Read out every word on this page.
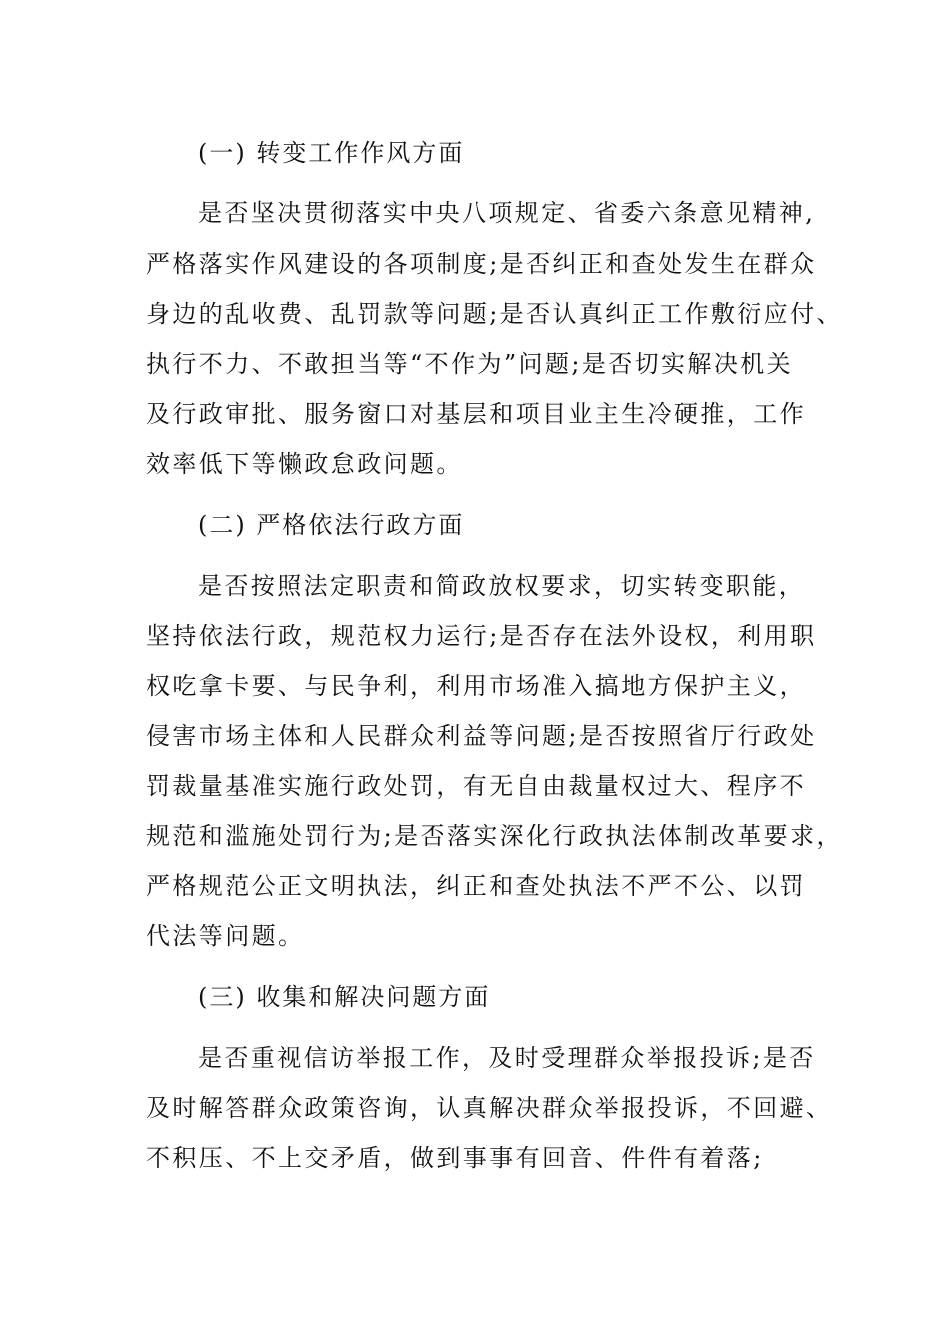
(一) 转变工作作风方面

是否坚决贯彻落实中央八项规定、省委六条意见精神,

严格落实作风建设的各项制度;是否纠正和查处发生在群众

身边的乱收费、乱罚款等问题;是否认真纠正工作敷衍应付、

执行不力、不敢担当等“不作为”问题;是否切实解决机关

及行政审批、服务窗口对基层和项目业主生冷硬推，工作

效率低下等懒政怠政问题。

(二) 严格依法行政方面

是否按照法定职责和简政放权要求，切实转变职能，

坚持依法行政，规范权力运行;是否存在法外设权，利用职

权吃拿卡要、与民争利，利用市场准入搞地方保护主义，

侵害市场主体和人民群众利益等问题;是否按照省厅行政处

罚裁量基准实施行政处罚，有无自由裁量权过大、程序不

规范和滥施处罚行为;是否落实深化行政执法体制改革要求，

严格规范公正文明执法，纠正和查处执法不严不公、以罚

代法等问题。

(三) 收集和解决问题方面

是否重视信访举报工作，及时受理群众举报投诉;是否

及时解答群众政策咨询，认真解决群众举报投诉，不回避、

不积压、不上交矛盾，做到事事有回音、件件有着落;
